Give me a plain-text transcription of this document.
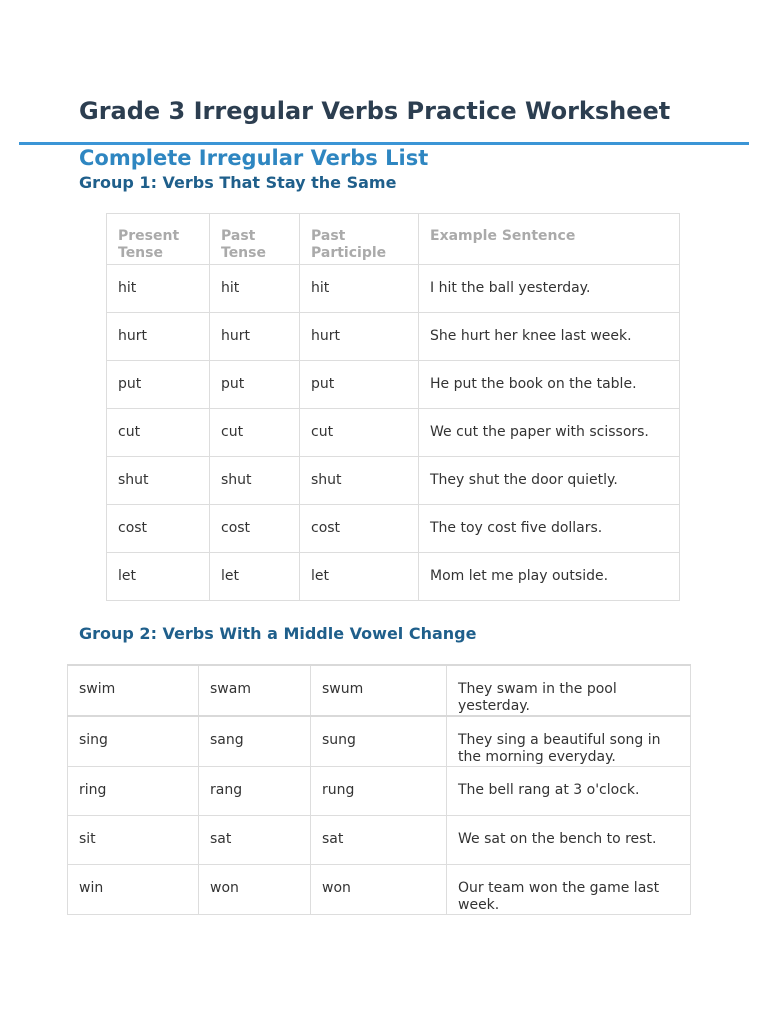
Grade 3 Irregular Verbs Practice Worksheet
Complete Irregular Verbs List
Group 1: Verbs That Stay the Same
Present Tense	Past Tense	Past Participle	Example Sentence
hit	hit	hit	I hit the ball yesterday.
hurt	hurt	hurt	She hurt her knee last week.
put	put	put	He put the book on the table.
cut	cut	cut	We cut the paper with scissors.
shut	shut	shut	They shut the door quietly.
cost	cost	cost	The toy cost five dollars.
let	let	let	Mom let me play outside.
Group 2: Verbs With a Middle Vowel Change
swim	swam	swum	They swam in the pool yesterday.
sing	sang	sung	They sing a beautiful song in the morning everyday.
ring	rang	rung	The bell rang at 3 o'clock.
sit	sat	sat	We sat on the bench to rest.
win	won	won	Our team won the game last week.
